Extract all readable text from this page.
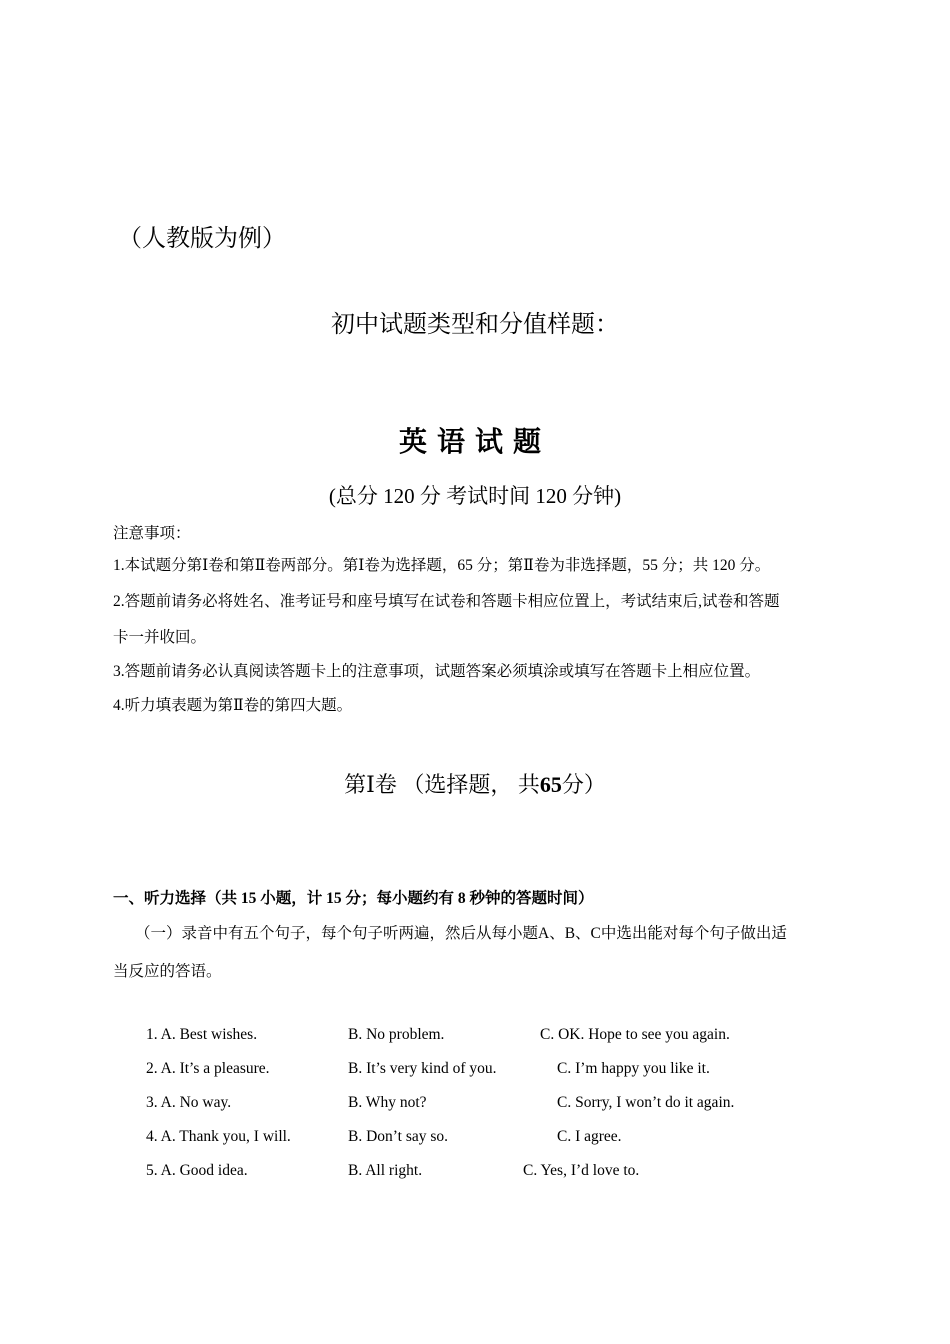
（人教版为例）
初中试题类型和分值样题：
英语试题
(总分 120 分 考试时间 120 分钟)
注意事项：
1.本试题分第Ⅰ卷和第Ⅱ卷两部分。第Ⅰ卷为选择题，65 分；第Ⅱ卷为非选择题，55 分；共 120 分。
2.答题前请务必将姓名、准考证号和座号填写在试卷和答题卡相应位置上，考试结束后,试卷和答题
卡一并收回。
3.答题前请务必认真阅读答题卡上的注意事项，试题答案必须填涂或填写在答题卡上相应位置。
4.听力填表题为第Ⅱ卷的第四大题。
第Ⅰ卷 （选择题， 共65分）
一、听力选择（共 15 小题，计 15 分；每小题约有 8 秒钟的答题时间）
（一）录音中有五个句子，每个句子听两遍，然后从每小题A、B、C中选出能对每个句子做出适
当反应的答语。
1. A. Best wishes.	B. No problem.	C. OK. Hope to see you again.
2. A. It’s a pleasure.	B. It’s very kind of you.	C. I’m happy you like it.
3. A. No way.	B. Why not?	C. Sorry, I won’t do it again.
4. A. Thank you, I will.	B. Don’t say so.	C. I agree.
5. A. Good idea.	B. All right.	C. Yes, I’d love to.
